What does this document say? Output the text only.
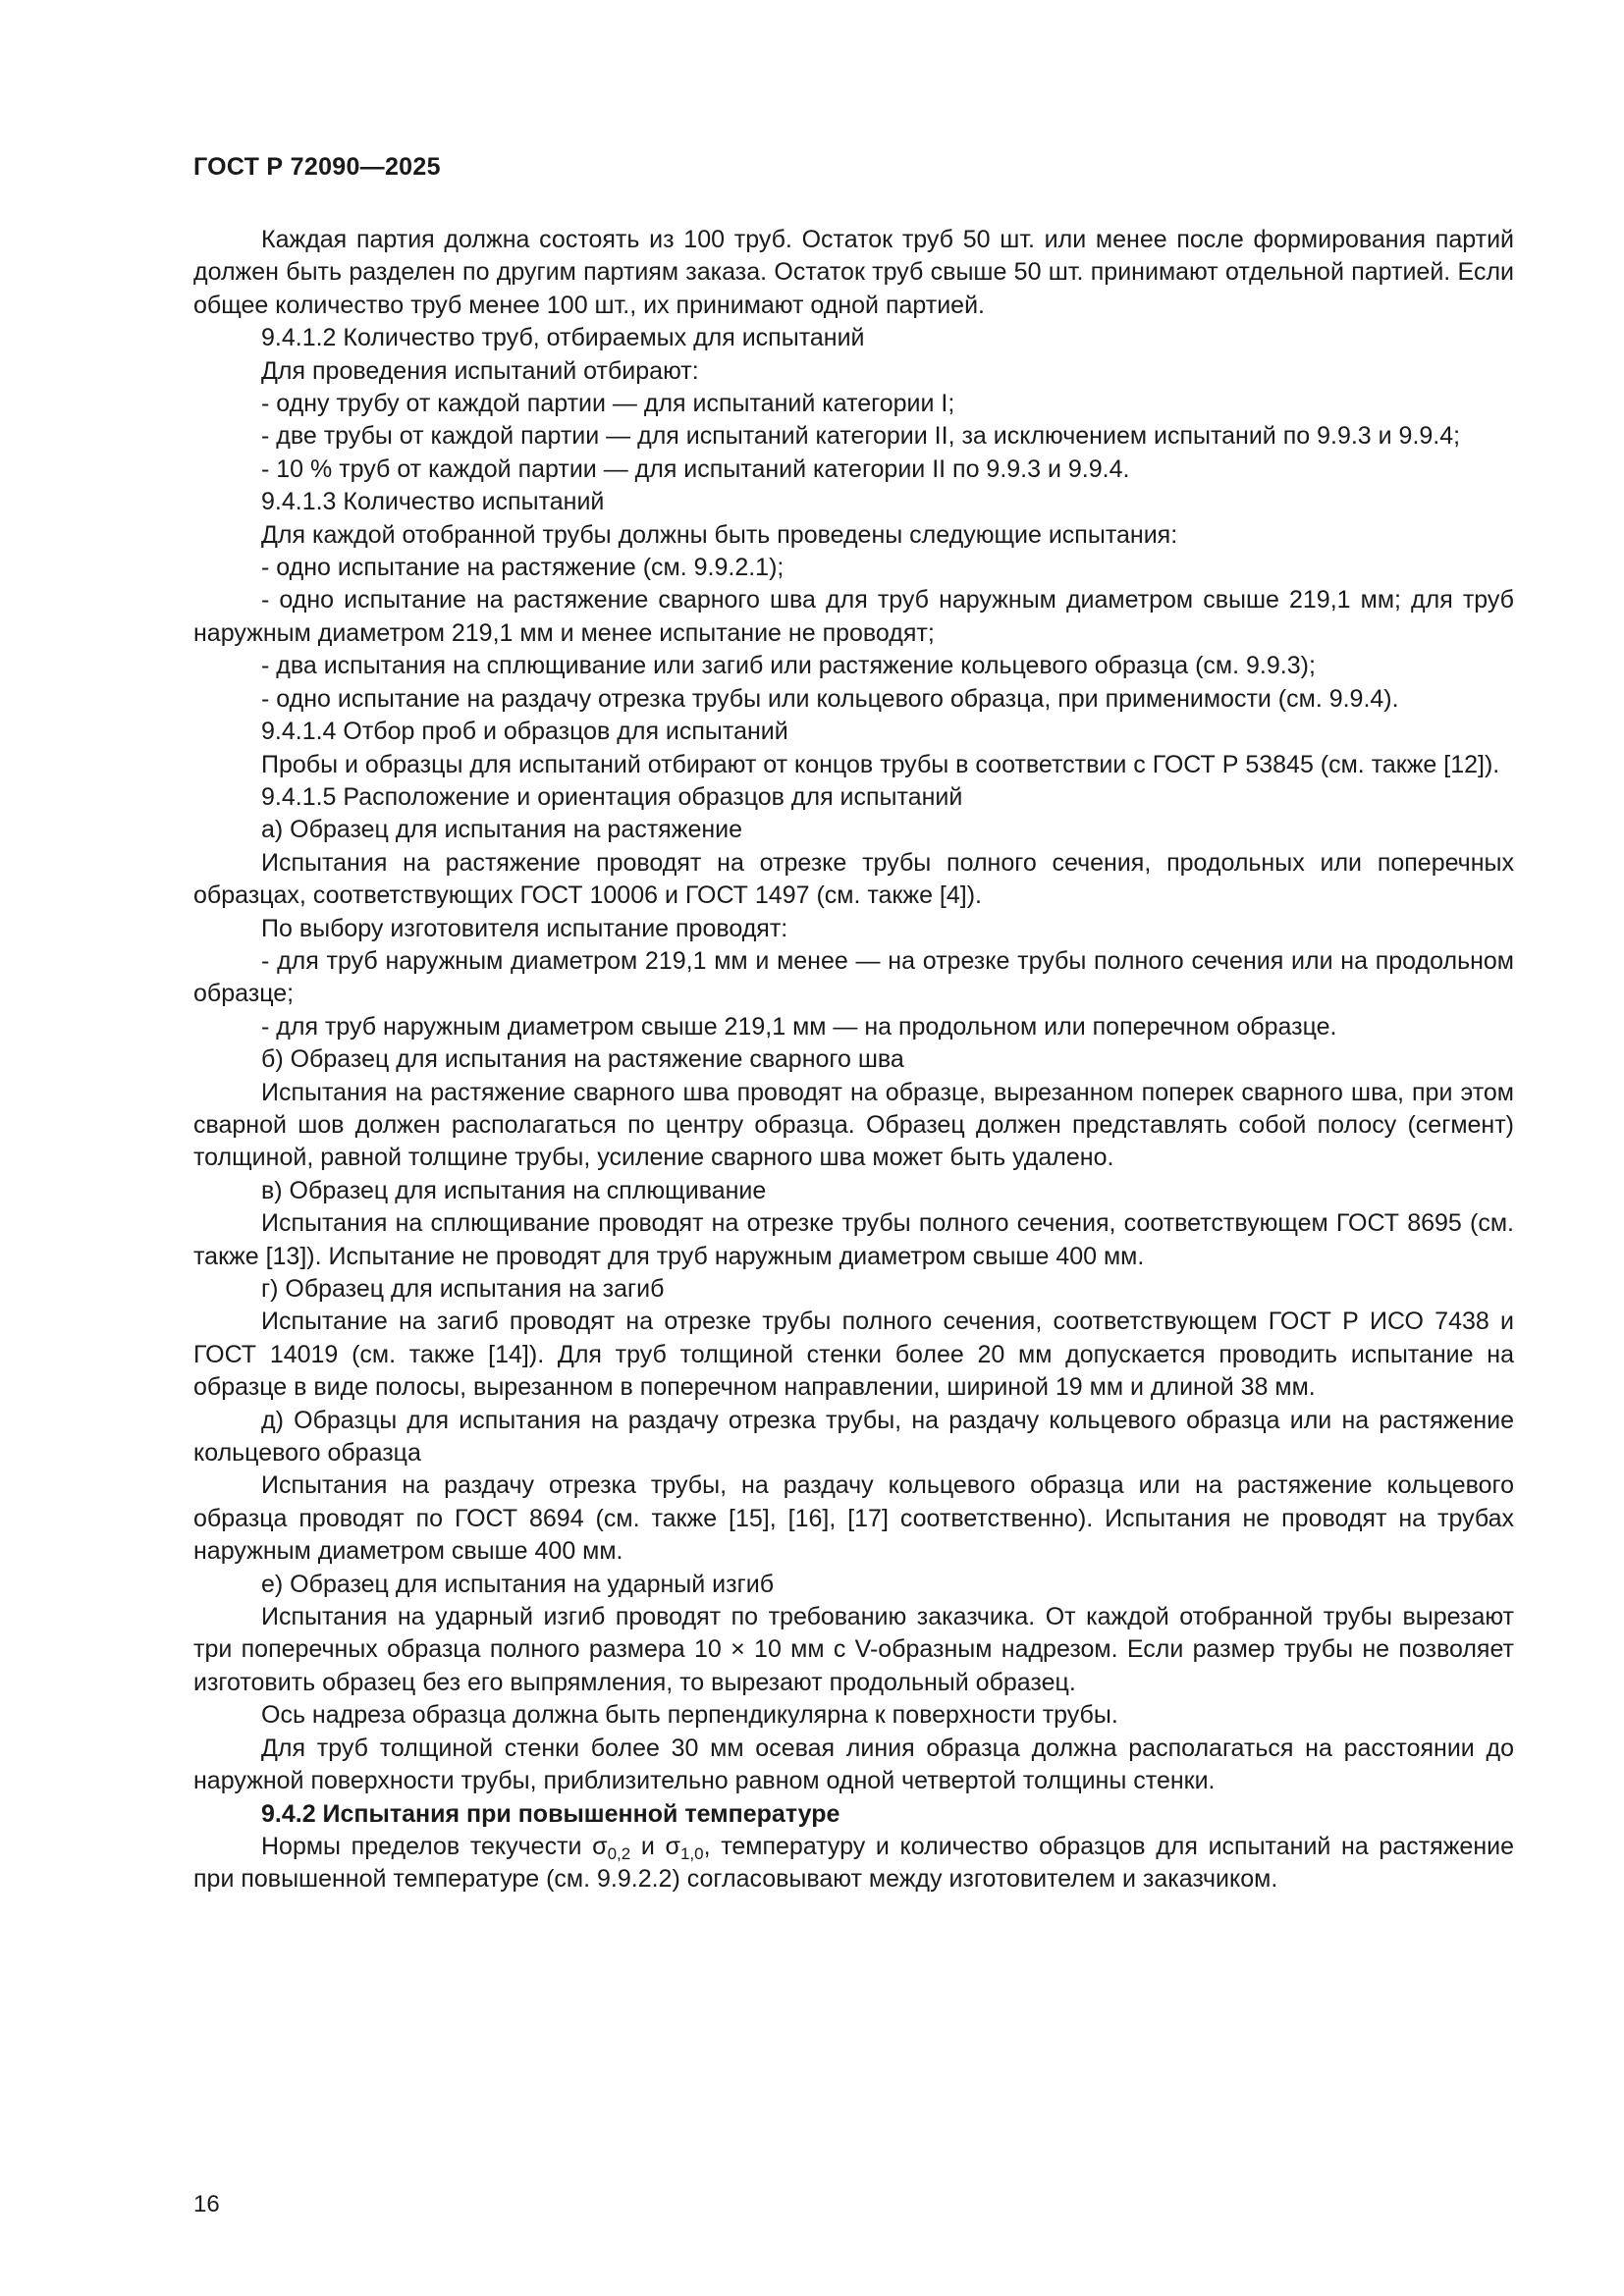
ГОСТ Р 72090—2025

Каждая партия должна состоять из 100 труб. Остаток труб 50 шт. или менее после формирования партий должен быть разделен по другим партиям заказа. Остаток труб свыше 50 шт. принимают отдельной партией. Если общее количество труб менее 100 шт., их принимают одной партией.

9.4.1.2 Количество труб, отбираемых для испытаний

Для проведения испытаний отбирают:

- одну трубу от каждой партии — для испытаний категории I;

- две трубы от каждой партии — для испытаний категории II, за исключением испытаний по 9.9.3 и 9.9.4;

- 10 % труб от каждой партии — для испытаний категории II по 9.9.3 и 9.9.4.

9.4.1.3 Количество испытаний

Для каждой отобранной трубы должны быть проведены следующие испытания:

- одно испытание на растяжение (см. 9.9.2.1);

- одно испытание на растяжение сварного шва для труб наружным диаметром свыше 219,1 мм; для труб наружным диаметром 219,1 мм и менее испытание не проводят;

- два испытания на сплющивание или загиб или растяжение кольцевого образца (см. 9.9.3);

- одно испытание на раздачу отрезка трубы или кольцевого образца, при применимости (см. 9.9.4).

9.4.1.4 Отбор проб и образцов для испытаний

Пробы и образцы для испытаний отбирают от концов трубы в соответствии с ГОСТ Р 53845 (см. также [12]).

9.4.1.5 Расположение и ориентация образцов для испытаний

а) Образец для испытания на растяжение

Испытания на растяжение проводят на отрезке трубы полного сечения, продольных или поперечных образцах, соответствующих ГОСТ 10006 и ГОСТ 1497 (см. также [4]).

По выбору изготовителя испытание проводят:

- для труб наружным диаметром 219,1 мм и менее — на отрезке трубы полного сечения или на продольном образце;

- для труб наружным диаметром свыше 219,1 мм — на продольном или поперечном образце.

б) Образец для испытания на растяжение сварного шва

Испытания на растяжение сварного шва проводят на образце, вырезанном поперек сварного шва, при этом сварной шов должен располагаться по центру образца. Образец должен представлять собой полосу (сегмент) толщиной, равной толщине трубы, усиление сварного шва может быть удалено.

в) Образец для испытания на сплющивание

Испытания на сплющивание проводят на отрезке трубы полного сечения, соответствующем ГОСТ 8695 (см. также [13]). Испытание не проводят для труб наружным диаметром свыше 400 мм.

г) Образец для испытания на загиб

Испытание на загиб проводят на отрезке трубы полного сечения, соответствующем ГОСТ Р ИСО 7438 и ГОСТ 14019 (см. также [14]). Для труб толщиной стенки более 20 мм допускается проводить испытание на образце в виде полосы, вырезанном в поперечном направлении, шириной 19 мм и длиной 38 мм.

д) Образцы для испытания на раздачу отрезка трубы, на раздачу кольцевого образца или на растяжение кольцевого образца

Испытания на раздачу отрезка трубы, на раздачу кольцевого образца или на растяжение кольцевого образца проводят по ГОСТ 8694 (см. также [15], [16], [17] соответственно). Испытания не проводят на трубах наружным диаметром свыше 400 мм.

е) Образец для испытания на ударный изгиб

Испытания на ударный изгиб проводят по требованию заказчика. От каждой отобранной трубы вырезают три поперечных образца полного размера 10 × 10 мм с V-образным надрезом. Если размер трубы не позволяет изготовить образец без его выпрямления, то вырезают продольный образец.

Ось надреза образца должна быть перпендикулярна к поверхности трубы.

Для труб толщиной стенки более 30 мм осевая линия образца должна располагаться на расстоянии до наружной поверхности трубы, приблизительно равном одной четвертой толщины стенки.

9.4.2 Испытания при повышенной температуре

Нормы пределов текучести $\sigma_{0,2}$ и $\sigma_{1,0}$, температуру и количество образцов для испытаний на растяжение при повышенной температуре (см. 9.9.2.2) согласовывают между изготовителем и заказчиком.

16
